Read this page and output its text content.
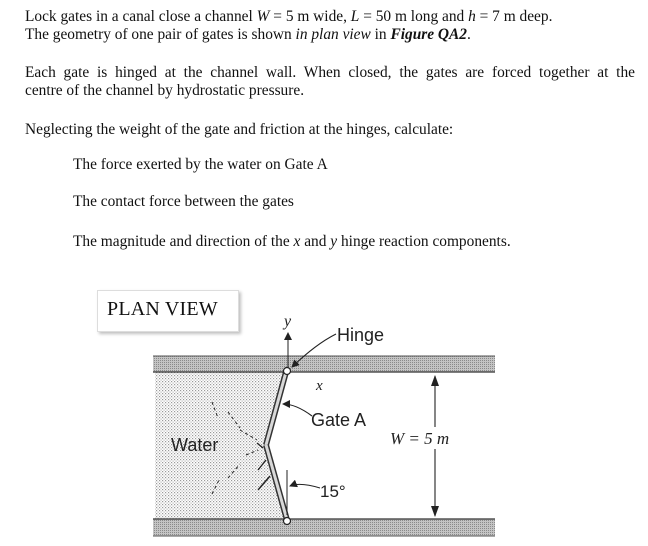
Lock gates in a canal close a channel W = 5 m wide, L = 50 m long and h = 7 m deep.
The geometry of one pair of gates is shown in plan view in Figure QA2.

Each gate is hinged at the channel wall. When closed, the gates are forced together at the
centre of the channel by hydrostatic pressure.

Neglecting the weight of the gate and friction at the hinges, calculate:

The force exerted by the water on Gate A
The contact force between the gates
The magnitude and direction of the x and y hinge reaction components.
y
x
Hinge
Gate A
Water	W = 5 m
15°
PLAN VIEW
